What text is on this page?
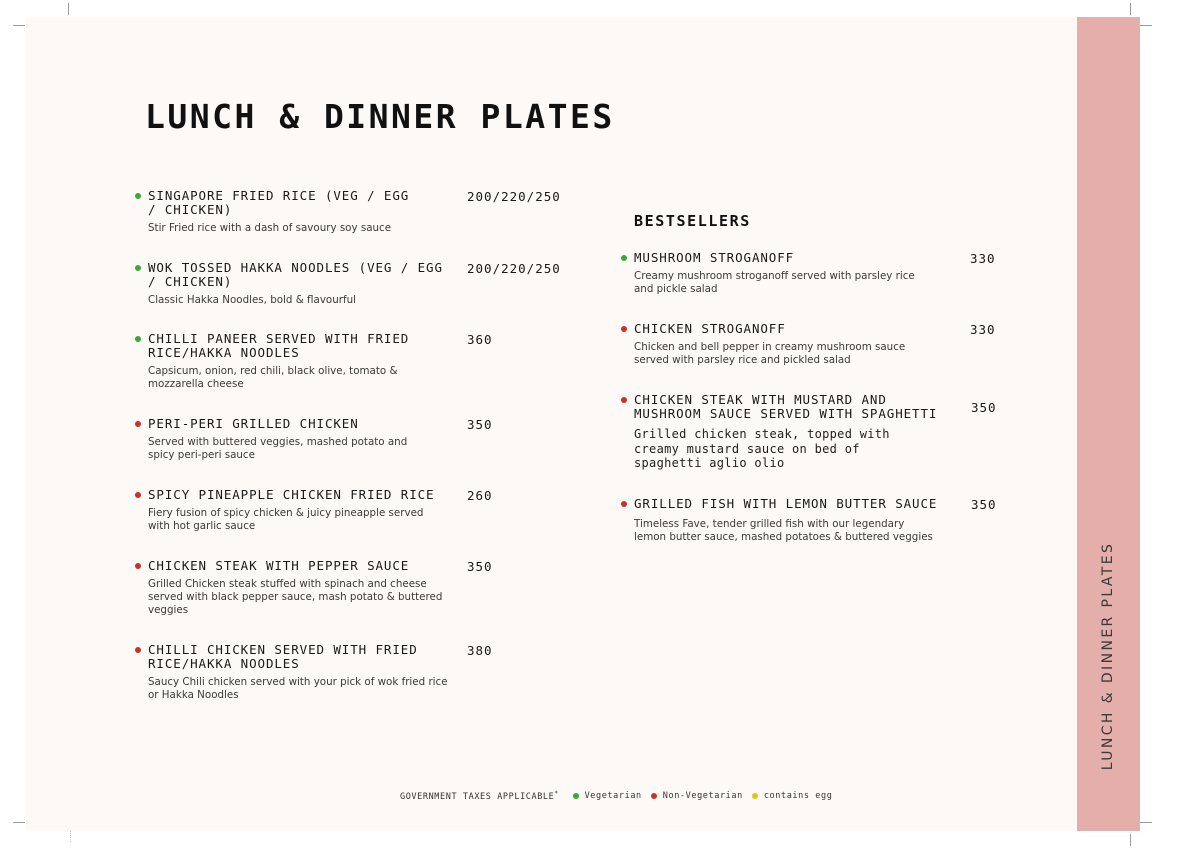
LUNCH & DINNER PLATES
LUNCH & DINNER PLATES
SINGAPORE FRIED RICE (VEG / EGG / CHICKEN)
200/220/250
Stir Fried rice with a dash of savoury soy sauce
WOK TOSSED HAKKA NOODLES (VEG / EGG / CHICKEN)
200/220/250
Classic Hakka Noodles, bold & flavourful
CHILLI PANEER SERVED WITH FRIED RICE/HAKKA NOODLES
360
Capsicum, onion, red chili, black olive, tomato & mozzarella cheese
PERI-PERI GRILLED CHICKEN	350
Served with buttered veggies, mashed potato and spicy peri-peri sauce
SPICY PINEAPPLE CHICKEN FRIED RICE	260
Fiery fusion of spicy chicken & juicy pineapple served with hot garlic sauce
CHICKEN STEAK WITH PEPPER SAUCE	350
Grilled Chicken steak stuffed with spinach and cheese served with black pepper sauce, mash potato & buttered veggies
CHILLI CHICKEN SERVED WITH FRIED RICE/HAKKA NOODLES
380
Saucy Chili chicken served with your pick of wok fried rice or Hakka Noodles
BESTSELLERS
MUSHROOM STROGANOFF	330
Creamy mushroom stroganoff served with parsley rice and pickle salad
CHICKEN STROGANOFF	330
Chicken and bell pepper in creamy mushroom sauce served with parsley rice and pickled salad
CHICKEN STEAK WITH MUSTARD AND MUSHROOM SAUCE SERVED WITH SPAGHETTI	350
Grilled chicken steak, topped with creamy mustard sauce on bed of spaghetti aglio olio
GRILLED FISH WITH LEMON BUTTER SAUCE	350
Timeless Fave, tender grilled fish with our legendary lemon butter sauce, mashed potatoes & buttered veggies
GOVERNMENT TAXES APPLICABLE*	Vegetarian Non-Vegetarian contains egg
